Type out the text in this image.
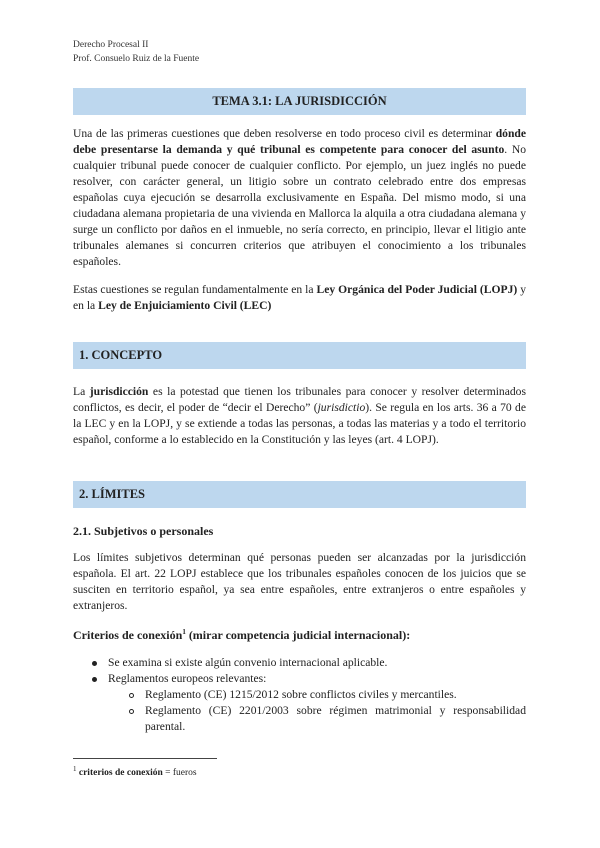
Derecho Procesal II
Prof. Consuelo Ruiz de la Fuente
TEMA 3.1: LA JURISDICCIÓN

Una de las primeras cuestiones que deben resolverse en todo proceso civil es determinar dónde debe presentarse la demanda y qué tribunal es competente para conocer del asunto. No cualquier tribunal puede conocer de cualquier conflicto. Por ejemplo, un juez inglés no puede resolver, con carácter general, un litigio sobre un contrato celebrado entre dos empresas españolas cuya ejecución se desarrolla exclusivamente en España. Del mismo modo, si una ciudadana alemana propietaria de una vivienda en Mallorca la alquila a otra ciudadana alemana y surge un conflicto por daños en el inmueble, no sería correcto, en principio, llevar el litigio ante tribunales alemanes si concurren criterios que atribuyen el conocimiento a los tribunales españoles.

Estas cuestiones se regulan fundamentalmente en la Ley Orgánica del Poder Judicial (LOPJ) y en la Ley de Enjuiciamiento Civil (LEC)

1. CONCEPTO

La jurisdicción es la potestad que tienen los tribunales para conocer y resolver determinados conflictos, es decir, el poder de “decir el Derecho” (jurisdictio). Se regula en los arts. 36 a 70 de la LEC y en la LOPJ, y se extiende a todas las personas, a todas las materias y a todo el territorio español, conforme a lo establecido en la Constitución y las leyes (art. 4 LOPJ).

2. LÍMITES
2.1. Subjetivos o personales

Los límites subjetivos determinan qué personas pueden ser alcanzadas por la jurisdicción española. El art. 22 LOPJ establece que los tribunales españoles conocen de los juicios que se susciten en territorio español, ya sea entre españoles, entre extranjeros o entre españoles y extranjeros.

Criterios de conexión$^1$ (mirar competencia judicial internacional):
Se examina si existe algún convenio internacional aplicable.
Reglamentos europeos relevantes:
Reglamento (CE) 1215/2012 sobre conflictos civiles y mercantiles.
Reglamento (CE) 2201/2003 sobre régimen matrimonial y responsabilidad parental.
$^1$ criterios de conexión = fueros
